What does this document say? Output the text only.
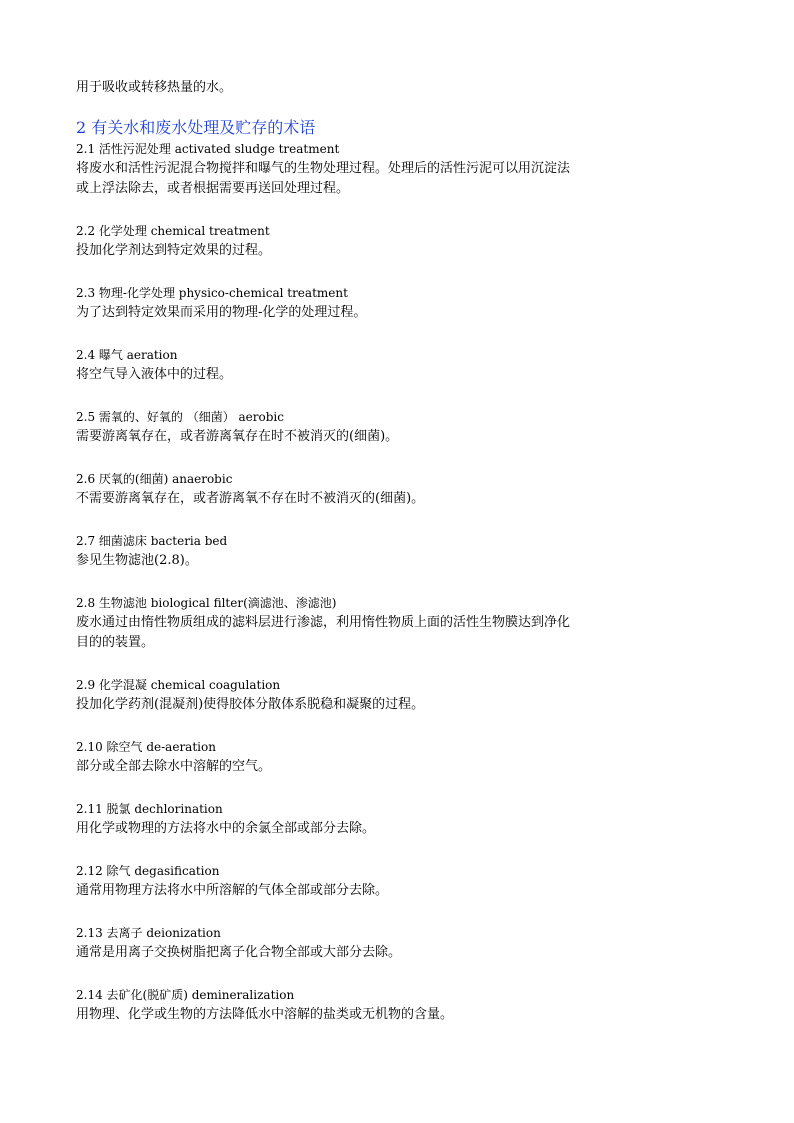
用于吸收或转移热量的水。

2 有关水和废水处理及贮存的术语

2.1 活性污泥处理 activated sludge treatment

将废水和活性污泥混合物搅拌和曝气的生物处理过程。处理后的活性污泥可以用沉淀法

或上浮法除去，或者根据需要再送回处理过程。

2.2 化学处理 chemical treatment

投加化学剂达到特定效果的过程。

2.3 物理-化学处理 physico-chemical treatment

为了达到特定效果而采用的物理-化学的处理过程。

2.4 曝气 aeration

将空气导入液体中的过程。

2.5 需氧的、好氧的 （细菌） aerobic

需要游离氧存在，或者游离氧存在时不被消灭的(细菌)。

2.6 厌氧的(细菌) anaerobic

不需要游离氧存在，或者游离氧不存在时不被消灭的(细菌)。

2.7 细菌滤床 bacteria bed

参见生物滤池(2.8)。

2.8 生物滤池 biological filter(滴滤池、渗滤池)

废水通过由惰性物质组成的滤料层进行渗滤，利用惰性物质上面的活性生物膜达到净化

目的的装置。

2.9 化学混凝 chemical coagulation

投加化学药剂(混凝剂)使得胶体分散体系脱稳和凝聚的过程。

2.10 除空气 de-aeration

部分或全部去除水中溶解的空气。

2.11 脱氯 dechlorination

用化学或物理的方法将水中的余氯全部或部分去除。

2.12 除气 degasification

通常用物理方法将水中所溶解的气体全部或部分去除。

2.13 去离子 deionization

通常是用离子交换树脂把离子化合物全部或大部分去除。

2.14 去矿化(脱矿质) demineralization

用物理、化学或生物的方法降低水中溶解的盐类或无机物的含量。
